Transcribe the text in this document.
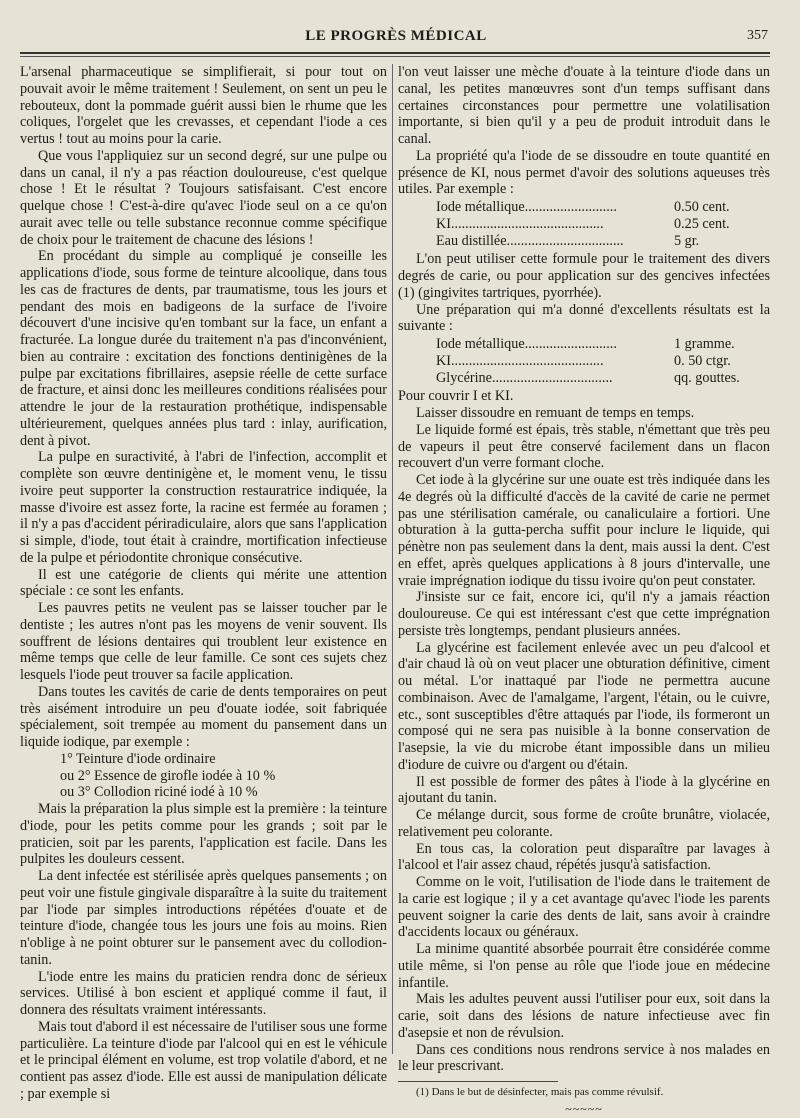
LE PROGRÈS MÉDICAL	357

L'arsenal pharmaceutique se simplifierait, si pour tout on pouvait avoir le même traitement ! Seulement, on sent un peu le rebouteux, dont la pommade guérit aussi bien le rhume que les coliques, l'orgelet que les crevasses, et cependant l'iode a ces vertus ! tout au moins pour la carie.

Que vous l'appliquiez sur un second degré, sur une pulpe ou dans un canal, il n'y a pas réaction douloureuse, c'est quelque chose ! Et le résultat ? Toujours satisfaisant. C'est encore quelque chose ! C'est-à-dire qu'avec l'iode seul on a ce qu'on aurait avec telle ou telle substance reconnue comme spécifique de choix pour le traitement de chacune des lésions !

En procédant du simple au compliqué je conseille les applications d'iode, sous forme de teinture alcoolique, dans tous les cas de fractures de dents, par traumatisme, tous les jours et pendant des mois en badigeons de la surface de l'ivoire découvert d'une incisive qu'en tombant sur la face, un enfant a fracturée. La longue durée du traitement n'a pas d'inconvénient, bien au contraire : excitation des fonctions dentinigènes de la pulpe par excitations fibrillaires, asepsie réelle de cette surface de fracture, et ainsi donc les meilleures conditions réalisées pour attendre le jour de la restauration prothétique, indispensable ultérieurement, quelques années plus tard : inlay, aurification, dent à pivot.

La pulpe en suractivité, à l'abri de l'infection, accomplit et complète son œuvre dentinigène et, le moment venu, le tissu ivoire peut supporter la construction restauratrice indiquée, la masse d'ivoire est assez forte, la racine est fermée au foramen ; il n'y a pas d'accident périradiculaire, alors que sans l'application si simple, d'iode, tout était à craindre, mortification infectieuse de la pulpe et périodontite chronique consécutive.

Il est une catégorie de clients qui mérite une attention spéciale : ce sont les enfants.

Les pauvres petits ne veulent pas se laisser toucher par le dentiste ; les autres n'ont pas les moyens de venir souvent. Ils souffrent de lésions dentaires qui troublent leur existence en même temps que celle de leur famille. Ce sont ces sujets chez lesquels l'iode peut trouver sa facile application.

Dans toutes les cavités de carie de dents temporaires on peut très aisément introduire un peu d'ouate iodée, soit fabriquée spécialement, soit trempée au moment du pansement dans un liquide iodique, par exemple :

1° Teinture d'iode ordinaire
ou 2° Essence de girofle iodée à 10 %
ou 3° Collodion riciné iodé à 10 %

Mais la préparation la plus simple est la première : la teinture d'iode, pour les petits comme pour les grands ; soit par le praticien, soit par les parents, l'application est facile. Dans les pulpites les douleurs cessent.

La dent infectée est stérilisée après quelques pansements ; on peut voir une fistule gingivale disparaître à la suite du traitement par l'iode par simples introductions répétées d'ouate et de teinture d'iode, changée tous les jours une fois au moins. Rien n'oblige à ne point obturer sur le pansement avec du collodion-tanin.

L'iode entre les mains du praticien rendra donc de sérieux services. Utilisé à bon escient et appliqué comme il faut, il donnera des résultats vraiment intéressants.

Mais tout d'abord il est nécessaire de l'utiliser sous une forme particulière. La teinture d'iode par l'alcool qui en est le véhicule et le principal élément en volume, est trop volatile d'abord, et ne contient pas assez d'iode. Elle est aussi de manipulation délicate ; par exemple si

l'on veut laisser une mèche d'ouate à la teinture d'iode dans un canal, les petites manœuvres sont d'un temps suffisant dans certaines circonstances pour permettre une volatilisation importante, si bien qu'il y a peu de produit introduit dans le canal.

La propriété qu'a l'iode de se dissoudre en toute quantité en présence de KI, nous permet d'avoir des solutions aqueuses très utiles. Par exemple :

Iode métallique..........................	0.50 cent.
KI...........................................	0.25 cent.
Eau distillée.................................	5 gr.

L'on peut utiliser cette formule pour le traitement des divers degrés de carie, ou pour application sur des gencives infectées (1) (gingivites tartriques, pyorrhée).

Une préparation qui m'a donné d'excellents résultats est la suivante :

Iode métallique..........................	1 gramme.
KI...........................................	0. 50 ctgr.
Glycérine..................................	qq. gouttes.

Pour couvrir I et KI.

Laisser dissoudre en remuant de temps en temps.

Le liquide formé est épais, très stable, n'émettant que très peu de vapeurs il peut être conservé facilement dans un flacon recouvert d'un verre formant cloche.

Cet iode à la glycérine sur une ouate est très indiquée dans les 4e degrés où la difficulté d'accès de la cavité de carie ne permet pas une stérilisation camérale, ou canaliculaire a fortiori. Une obturation à la gutta-percha suffit pour inclure le liquide, qui pénètre non pas seulement dans la dent, mais aussi la dent. C'est en effet, après quelques applications à 8 jours d'intervalle, une vraie imprégnation iodique du tissu ivoire qu'on peut constater.

J'insiste sur ce fait, encore ici, qu'il n'y a jamais réaction douloureuse. Ce qui est intéressant c'est que cette imprégnation persiste très longtemps, pendant plusieurs années.

La glycérine est facilement enlevée avec un peu d'alcool et d'air chaud là où on veut placer une obturation définitive, ciment ou métal. L'or inattaqué par l'iode ne permettra aucune combinaison. Avec de l'amalgame, l'argent, l'étain, ou le cuivre, etc., sont susceptibles d'être attaqués par l'iode, ils formeront un composé qui ne sera pas nuisible à la bonne conservation de l'asepsie, la vie du microbe étant impossible dans un milieu d'iodure de cuivre ou d'argent ou d'étain.

Il est possible de former des pâtes à l'iode à la glycérine en ajoutant du tanin.

Ce mélange durcit, sous forme de croûte brunâtre, violacée, relativement peu colorante.

En tous cas, la coloration peut disparaître par lavages à l'alcool et l'air assez chaud, répétés jusqu'à satisfaction.

Comme on le voit, l'utilisation de l'iode dans le traitement de la carie est logique ; il y a cet avantage qu'avec l'iode les parents peuvent soigner la carie des dents de lait, sans avoir à craindre d'accidents locaux ou généraux.

La minime quantité absorbée pourrait être considérée comme utile même, si l'on pense au rôle que l'iode joue en médecine infantile.

Mais les adultes peuvent aussi l'utiliser pour eux, soit dans la carie, soit dans des lésions de nature infectieuse avec fin d'asepsie et non de révulsion.

Dans ces conditions nous rendrons service à nos malades en le leur prescrivant.

(1) Dans le but de désinfecter, mais pas comme révulsif.

~~~~~
